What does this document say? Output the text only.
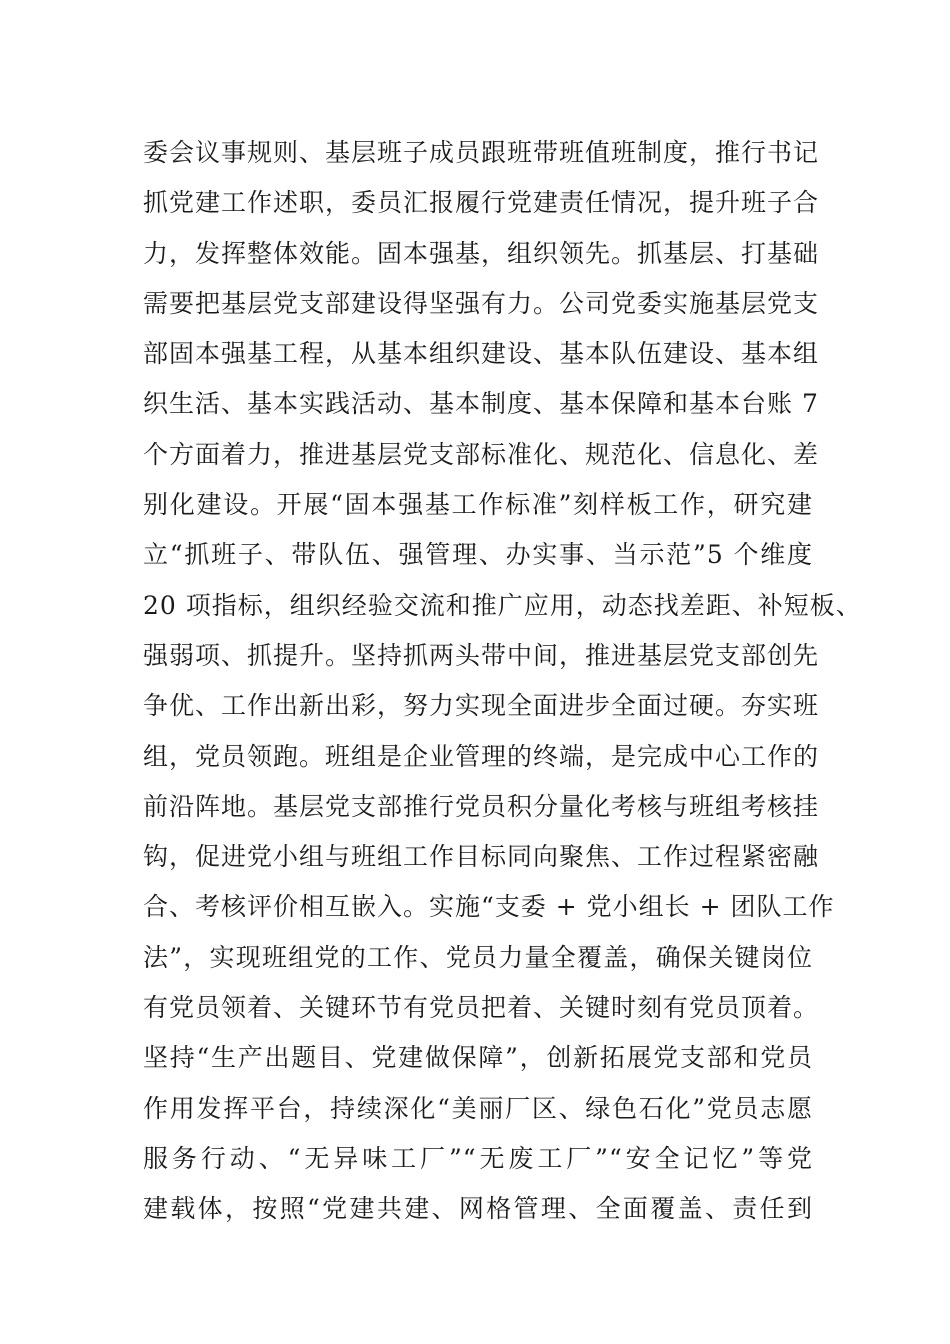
委会议事规则、基层班子成员跟班带班值班制度，推行书记
抓党建工作述职，委员汇报履行党建责任情况，提升班子合
力，发挥整体效能。固本强基，组织领先。抓基层、打基础
需要把基层党支部建设得坚强有力。公司党委实施基层党支
部固本强基工程，从基本组织建设、基本队伍建设、基本组
织生活、基本实践活动、基本制度、基本保障和基本台账 7
个方面着力，推进基层党支部标准化、规范化、信息化、差
别化建设。开展“固本强基工作标准”刻样板工作，研究建
立“抓班子、带队伍、强管理、办实事、当示范”5 个维度
20 项指标，组织经验交流和推广应用，动态找差距、补短板、
强弱项、抓提升。坚持抓两头带中间，推进基层党支部创先
争优、工作出新出彩，努力实现全面进步全面过硬。夯实班
组，党员领跑。班组是企业管理的终端，是完成中心工作的
前沿阵地。基层党支部推行党员积分量化考核与班组考核挂
钩，促进党小组与班组工作目标同向聚焦、工作过程紧密融
合、考核评价相互嵌入。实施“支委 + 党小组长 + 团队工作
法”，实现班组党的工作、党员力量全覆盖，确保关键岗位
有党员领着、关键环节有党员把着、关键时刻有党员顶着。
坚持“生产出题目、党建做保障”，创新拓展党支部和党员
作用发挥平台，持续深化“美丽厂区、绿色石化”党员志愿
服务行动、“无异味工厂”“无废工厂”“安全记忆”等党
建载体，按照“党建共建、网格管理、全面覆盖、责任到
